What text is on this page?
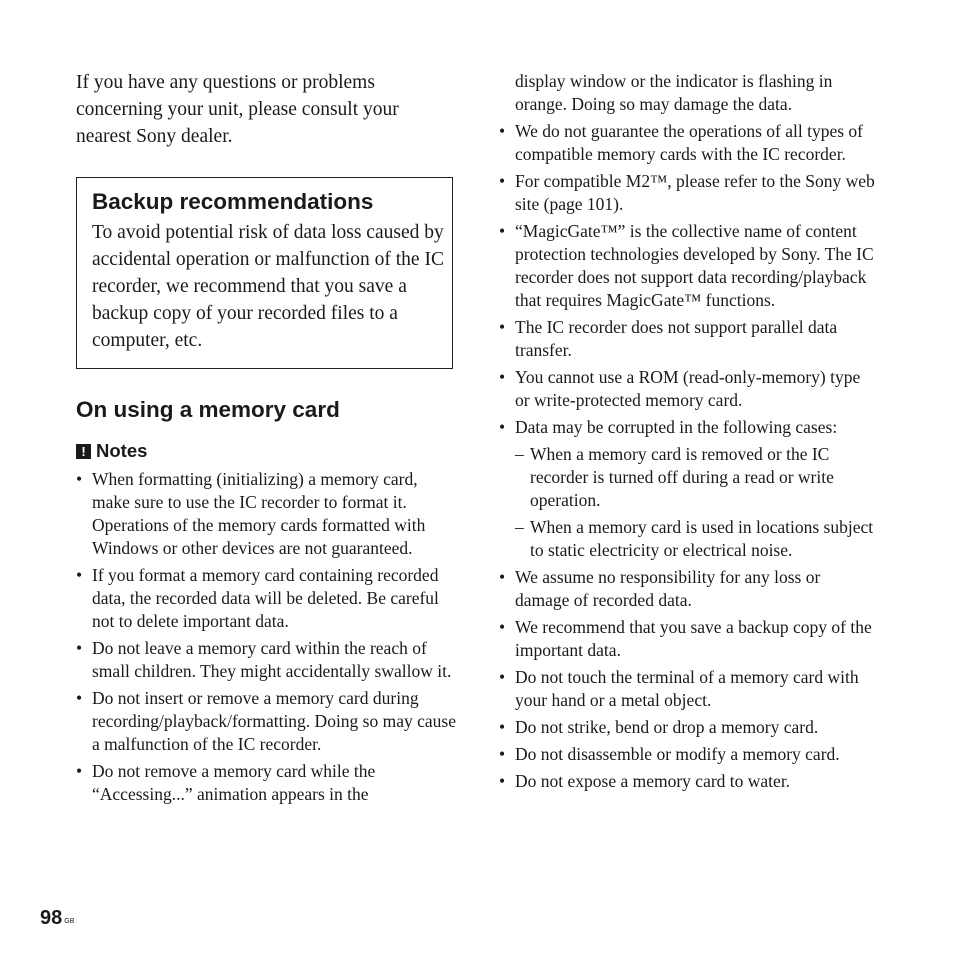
If you have any questions or problems concerning your unit, please consult your nearest Sony dealer.

Backup recommendations

To avoid potential risk of data loss caused by accidental operation or malfunction of the IC recorder, we recommend that you save a backup copy of your recorded files to a computer, etc.

On using a memory card
! Notes
• When formatting (initializing) a memory card, make sure to use the IC recorder to format it. Operations of the memory cards formatted with Windows or other devices are not guaranteed.
• If you format a memory card containing recorded data, the recorded data will be deleted. Be careful not to delete important data.
• Do not leave a memory card within the reach of small children. They might accidentally swallow it.
• Do not insert or remove a memory card during recording/playback/formatting. Doing so may cause a malfunction of the IC recorder.
• Do not remove a memory card while the “Accessing...” animation appears in the
display window or the indicator is flashing in orange. Doing so may damage the data.
• We do not guarantee the operations of all types of compatible memory cards with the IC recorder.
• For compatible M2™, please refer to the Sony web site (page 101).
• “MagicGate™” is the collective name of content protection technologies developed by Sony. The IC recorder does not support data recording/playback that requires MagicGate™ functions.
• The IC recorder does not support parallel data transfer.
• You cannot use a ROM (read-only-memory) type or write-protected memory card.
• Data may be corrupted in the following cases:
– When a memory card is removed or the IC recorder is turned off during a read or write operation.
– When a memory card is used in locations subject to static electricity or electrical noise.
• We assume no responsibility for any loss or damage of recorded data.
• We recommend that you save a backup copy of the important data.
• Do not touch the terminal of a memory card with your hand or a metal object.
• Do not strike, bend or drop a memory card.
• Do not disassemble or modify a memory card.
• Do not expose a memory card to water.
98 $^{GB}$
